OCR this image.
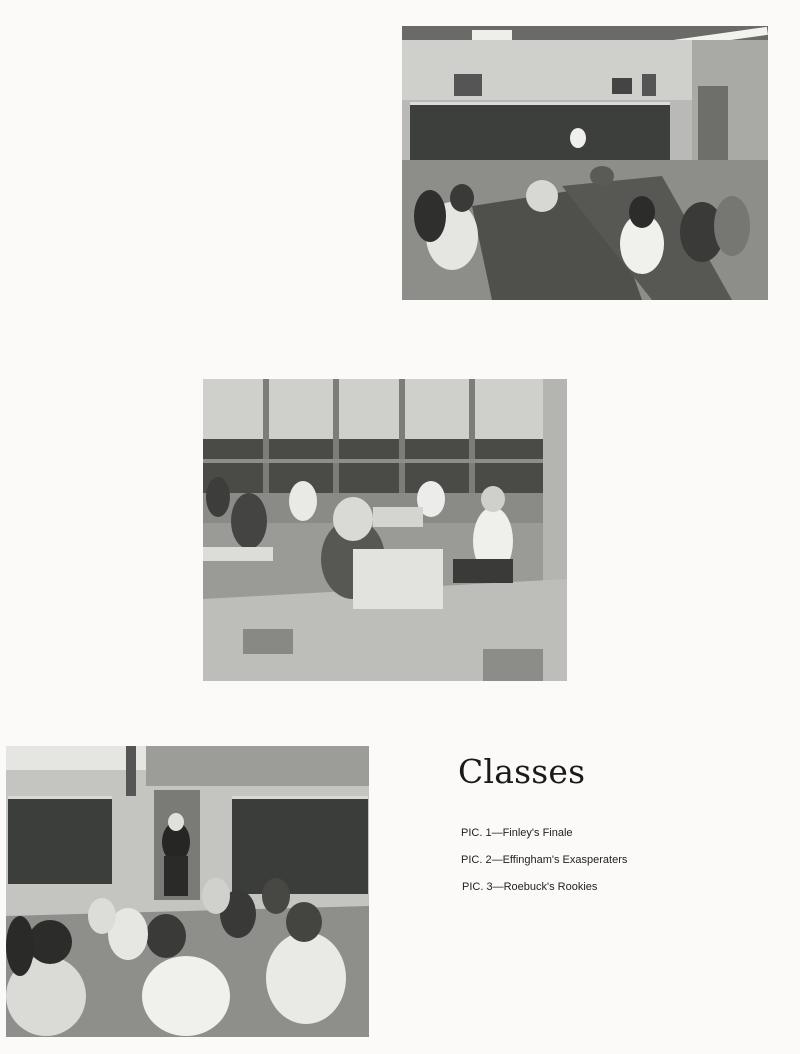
Classes
PIC. 1—Finley's Finale
PIC. 2—Effingham's Exasperaters
PIC. 3—Roebuck's Rookies
